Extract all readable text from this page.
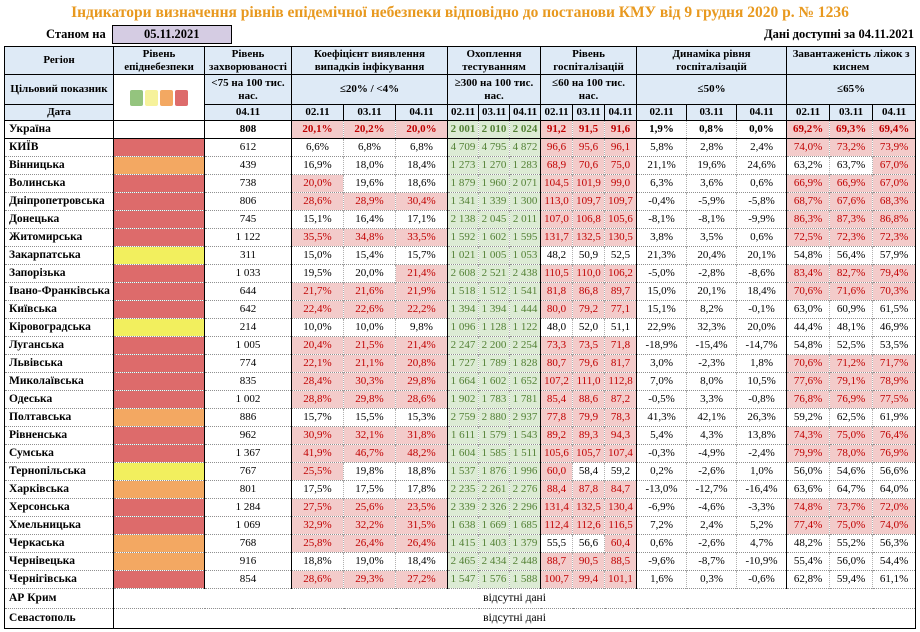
Індикатори визначення рівнів епідемічної небезпеки відповідно до постанови КМУ від 9 грудня 2020 р. № 1236
Станом на	05.11.2021	Дані доступні за 04.11.2021
Регіон	Рівень епіднебезпеки	Рівень захворюваності	Коефіцієнт виявлення випадків інфікування			Охоплення тестуванням			Рівень госпіталізацій			Динаміка рівня госпіталізацій			Завантаженість ліжок з киснем		
Цільовий показник		<75 на 100 тис. нас.	≤20% / <4%			≥300 на 100 тис. нас.			≤60 на 100 тис. нас.			≤50%			≤65%		
Дата		04.11	02.11	03.11	04.11	02.11	03.11	04.11	02.11	03.11	04.11	02.11	03.11	04.11	02.11	03.11	04.11
Україна		808	20,1%	20,2%	20,0%	2 001	2 010	2 024	91,2	91,5	91,6	1,9%	0,8%	0,0%	69,2%	69,3%	69,4%
КИЇВ		612	6,6%	6,8%	6,8%	4 709	4 795	4 872	96,6	95,6	96,1	5,8%	2,8%	2,4%	74,0%	73,2%	73,9%
Вінницька		439	16,9%	18,0%	18,4%	1 273	1 270	1 283	68,9	70,6	75,0	21,1%	19,6%	24,6%	63,2%	63,7%	67,0%
Волинська		738	20,0%	19,6%	18,6%	1 879	1 960	2 071	104,5	101,9	99,0	6,3%	3,6%	0,6%	66,9%	66,9%	67,0%
Дніпропетровська		806	28,6%	28,9%	30,4%	1 341	1 339	1 300	113,0	109,7	109,7	-0,4%	-5,9%	-5,8%	68,7%	67,6%	68,3%
Донецька		745	15,1%	16,4%	17,1%	2 138	2 045	2 011	107,0	106,8	105,6	-8,1%	-8,1%	-9,9%	86,3%	87,3%	86,8%
Житомирська		1 122	35,5%	34,8%	33,5%	1 592	1 602	1 595	131,7	132,5	130,5	3,8%	3,5%	0,6%	72,5%	72,3%	72,3%
Закарпатська		311	15,0%	15,4%	15,7%	1 021	1 005	1 053	48,2	50,9	52,5	21,3%	20,4%	20,1%	54,8%	56,4%	57,9%
Запорізька		1 033	19,5%	20,0%	21,4%	2 608	2 521	2 438	110,5	110,0	106,2	-5,0%	-2,8%	-8,6%	83,4%	82,7%	79,4%
Івано-Франківська		644	21,7%	21,6%	21,9%	1 518	1 512	1 541	81,8	86,8	89,7	15,0%	20,1%	18,4%	70,6%	71,6%	70,3%
Київська		642	22,4%	22,6%	22,2%	1 394	1 394	1 444	80,0	79,2	77,1	15,1%	8,2%	-0,1%	63,0%	60,9%	61,5%
Кіровоградська		214	10,0%	10,0%	9,8%	1 096	1 128	1 122	48,0	52,0	51,1	22,9%	32,3%	20,0%	44,4%	48,1%	46,9%
Луганська		1 005	20,4%	21,5%	21,4%	2 247	2 200	2 254	73,3	73,5	71,8	-18,9%	-15,4%	-14,7%	54,8%	52,5%	53,5%
Львівська		774	22,1%	21,1%	20,8%	1 727	1 789	1 828	80,7	79,6	81,7	3,0%	-2,3%	1,8%	70,6%	71,2%	71,7%
Миколаївська		835	28,4%	30,3%	29,8%	1 664	1 602	1 652	107,2	111,0	112,8	7,0%	8,0%	10,5%	77,6%	79,1%	78,9%
Одеська		1 002	28,8%	29,8%	28,6%	1 902	1 783	1 781	85,4	88,6	87,2	-0,5%	3,3%	-0,8%	76,8%	76,9%	77,5%
Полтавська		886	15,7%	15,5%	15,3%	2 759	2 880	2 937	77,8	79,9	78,3	41,3%	42,1%	26,3%	59,2%	62,5%	61,9%
Рівненська		962	30,9%	32,1%	31,8%	1 611	1 579	1 543	89,2	89,3	94,3	5,4%	4,3%	13,8%	74,3%	75,0%	76,4%
Сумська		1 367	41,9%	46,7%	48,2%	1 604	1 585	1 511	105,6	105,7	107,4	-0,3%	-4,9%	-2,4%	79,9%	78,0%	76,9%
Тернопільська		767	25,5%	19,8%	18,8%	1 537	1 876	1 996	60,0	58,4	59,2	0,2%	-2,6%	1,0%	56,0%	54,6%	56,6%
Харківська		801	17,5%	17,5%	17,8%	2 235	2 261	2 276	88,4	87,8	84,7	-13,0%	-12,7%	-16,4%	63,6%	64,7%	64,0%
Херсонська		1 284	27,5%	25,6%	23,5%	2 339	2 326	2 296	131,4	132,5	130,4	-6,9%	-4,6%	-3,3%	74,8%	73,7%	72,0%
Хмельницька		1 069	32,9%	32,2%	31,5%	1 638	1 669	1 685	112,4	112,6	116,5	7,2%	2,4%	5,2%	77,4%	75,0%	74,0%
Черкаська		768	25,8%	26,4%	26,4%	1 415	1 403	1 379	55,5	56,6	60,4	0,6%	-2,6%	4,7%	48,2%	55,2%	56,3%
Чернівецька		916	18,8%	19,0%	18,4%	2 465	2 434	2 448	88,7	90,5	88,5	-9,6%	-8,7%	-10,9%	55,4%	56,0%	54,4%
Чернігівська		854	28,6%	29,3%	27,2%	1 547	1 576	1 588	100,7	99,4	101,1	1,6%	0,3%	-0,6%	62,8%	59,4%	61,1%
АР Крим	відсутні дані																
Севастополь	відсутні дані																
